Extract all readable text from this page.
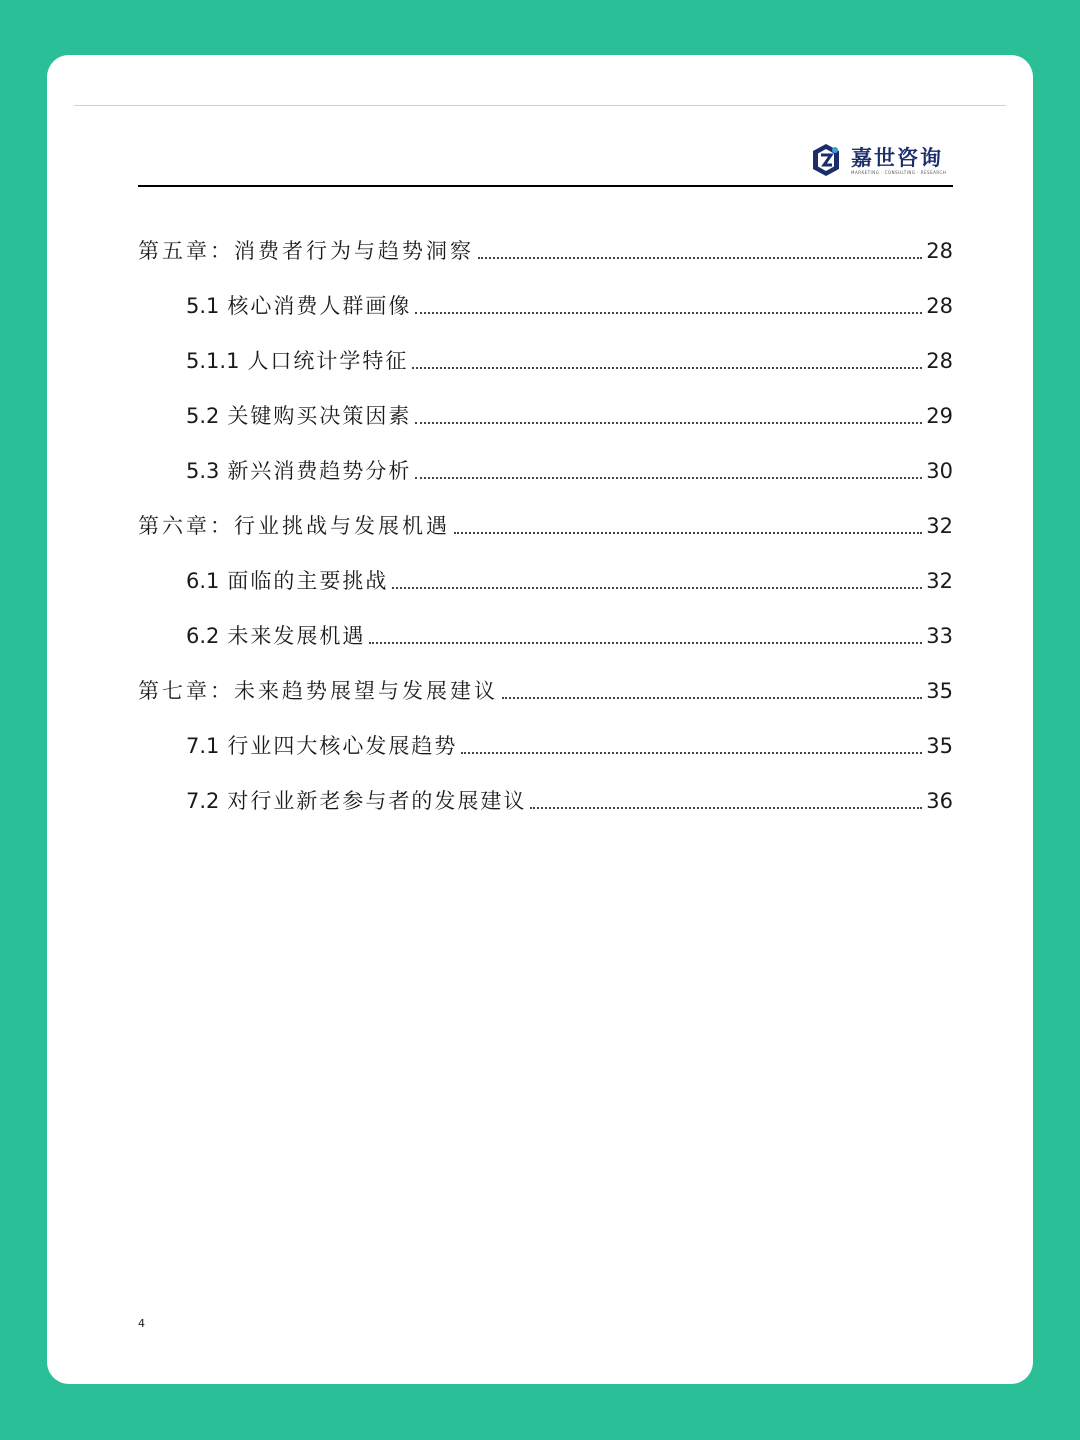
嘉世咨询
MARKETING · CONSULTING · RESEARCH
第五章：消费者行为与趋势洞察	28
5.1 核心消费人群画像	28
5.1.1 人口统计学特征	28
5.2 关键购买决策因素	29
5.3 新兴消费趋势分析	30
第六章：行业挑战与发展机遇	32
6.1 面临的主要挑战	32
6.2 未来发展机遇	33
第七章：未来趋势展望与发展建议	35
7.1 行业四大核心发展趋势	35
7.2 对行业新老参与者的发展建议	36
4
